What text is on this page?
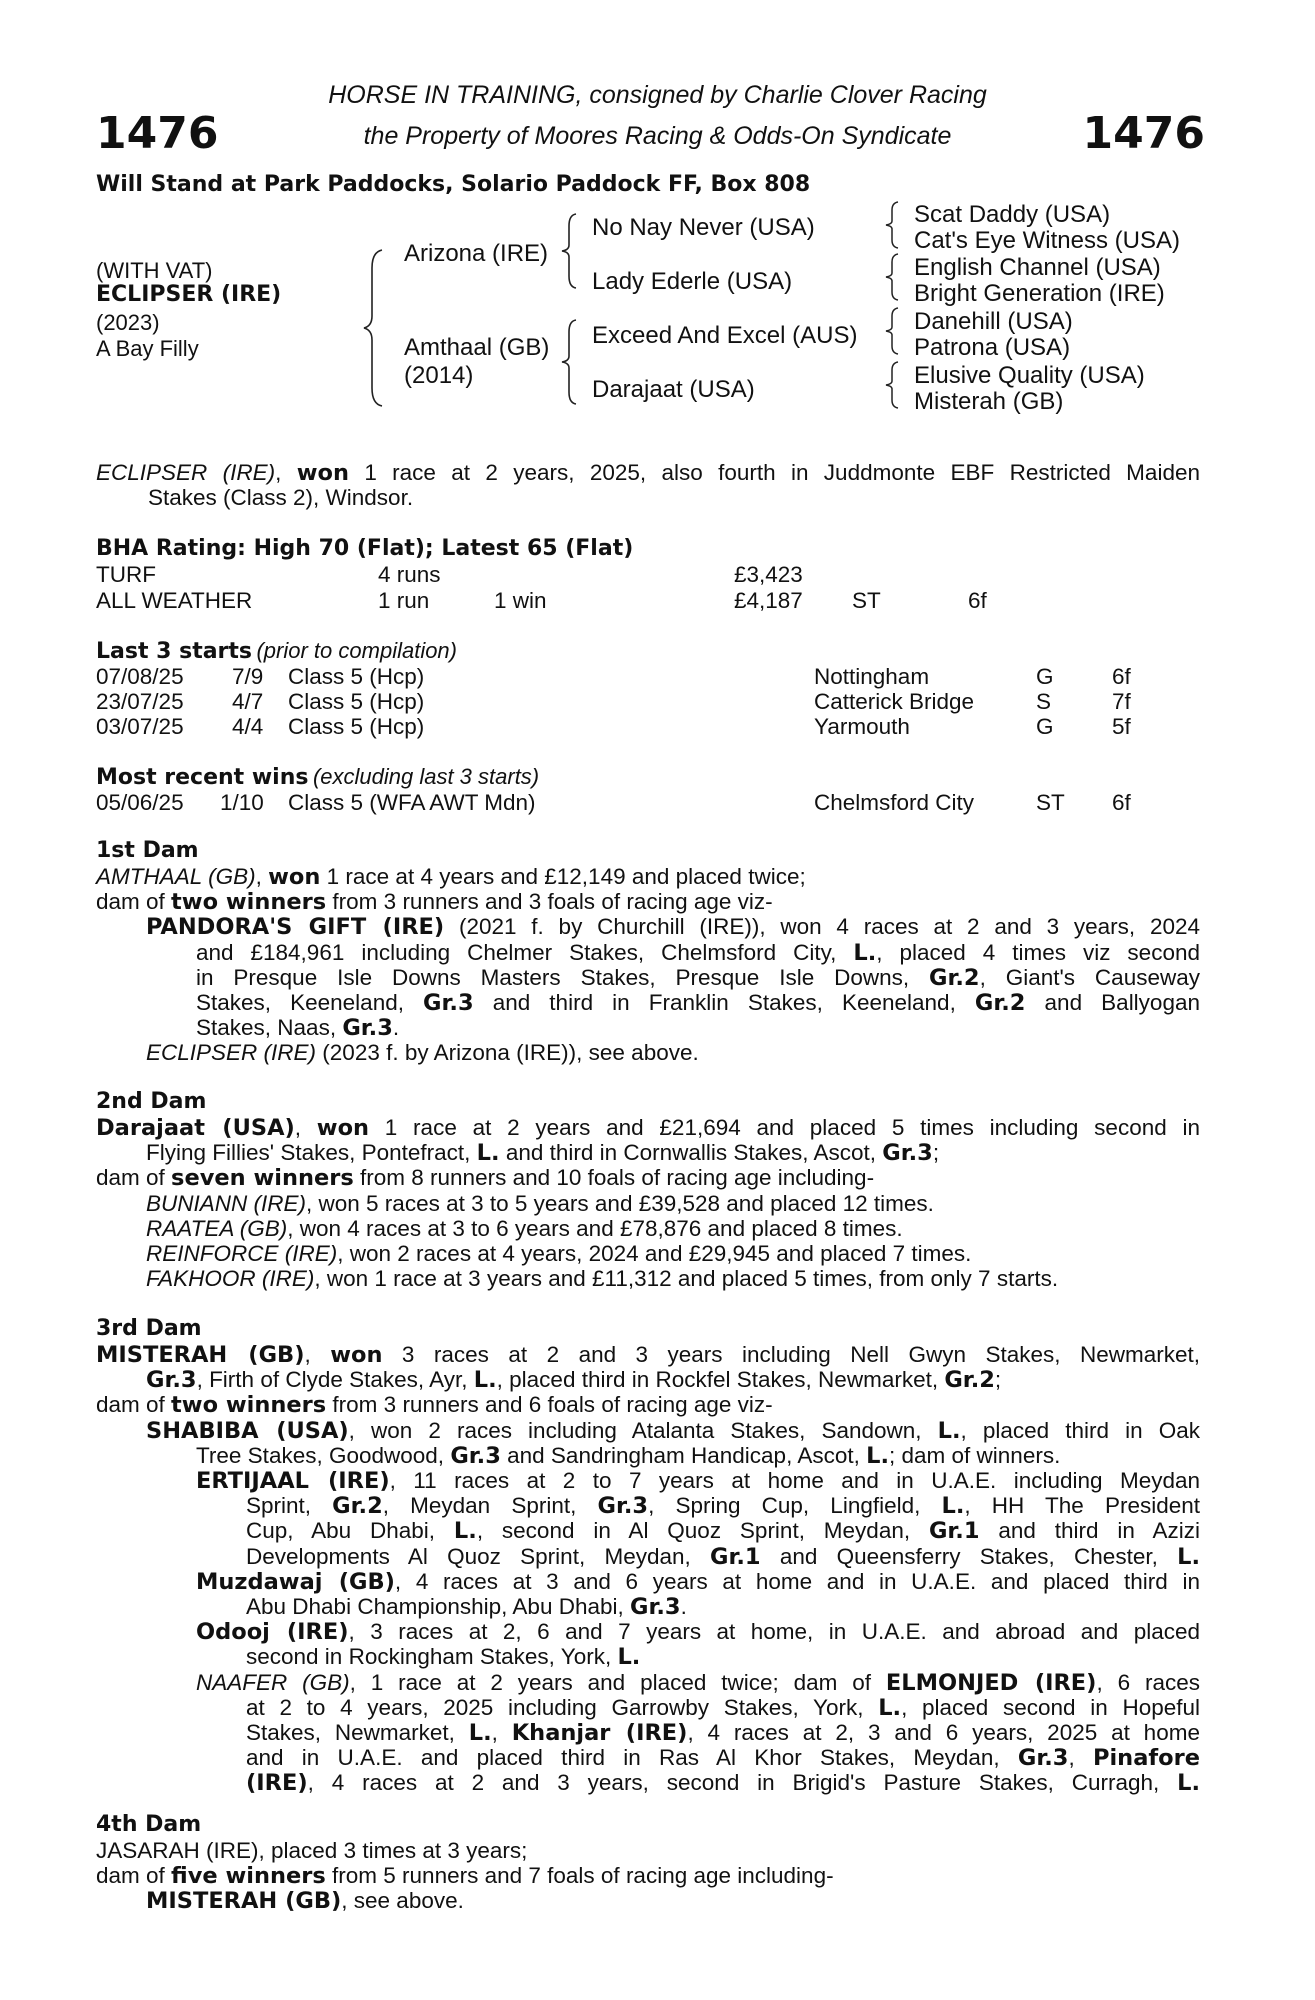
1476	1476
HORSE IN TRAINING, consigned by Charlie Clover Racing
the Property of Moores Racing & Odds-On Syndicate
Will Stand at Park Paddocks, Solario Paddock FF, Box 808
(WITH VAT)
ECLIPSER (IRE)
(2023)
A Bay Filly
Arizona (IRE)
Amthaal (GB)
(2014)
No Nay Never (USA)
Lady Ederle (USA)
Exceed And Excel (AUS)
Darajaat (USA)
Scat Daddy (USA)
Cat's Eye Witness (USA)
English Channel (USA)
Bright Generation (IRE)
Danehill (USA)
Patrona (USA)
Elusive Quality (USA)
Misterah (GB)
ECLIPSER (IRE), won 1 race at 2 years, 2025, also fourth in Juddmonte EBF Restricted Maiden
Stakes (Class 2), Windsor.
BHA Rating: High 70 (Flat); Latest 65 (Flat)
TURF	4 runs	£3,423
ALL WEATHER	1 run	1 win	£4,187 ST	6f
Last 3 starts (prior to compilation)
07/08/25 7/9 Class 5 (Hcp)	Nottingham	G	6f
23/07/25 4/7 Class 5 (Hcp)	Catterick Bridge	S	7f
03/07/25 4/4 Class 5 (Hcp)	Yarmouth	G	5f
Most recent wins (excluding last 3 starts)
05/06/25 1/10 Class 5 (WFA AWT Mdn)	Chelmsford City	ST 6f
1st Dam
AMTHAAL (GB), won 1 race at 4 years and £12,149 and placed twice;
dam of two winners from 3 runners and 3 foals of racing age viz-
PANDORA'S GIFT (IRE) (2021 f. by Churchill (IRE)), won 4 races at 2 and 3 years, 2024
and £184,961 including Chelmer Stakes, Chelmsford City, L., placed 4 times viz second
in Presque Isle Downs Masters Stakes, Presque Isle Downs, Gr.2, Giant's Causeway
Stakes, Keeneland, Gr.3 and third in Franklin Stakes, Keeneland, Gr.2 and Ballyogan
Stakes, Naas, Gr.3.
ECLIPSER (IRE) (2023 f. by Arizona (IRE)), see above.
2nd Dam
Darajaat (USA), won 1 race at 2 years and £21,694 and placed 5 times including second in
Flying Fillies' Stakes, Pontefract, L. and third in Cornwallis Stakes, Ascot, Gr.3;
dam of seven winners from 8 runners and 10 foals of racing age including-
BUNIANN (IRE), won 5 races at 3 to 5 years and £39,528 and placed 12 times.
RAATEA (GB), won 4 races at 3 to 6 years and £78,876 and placed 8 times.
REINFORCE (IRE), won 2 races at 4 years, 2024 and £29,945 and placed 7 times.
FAKHOOR (IRE), won 1 race at 3 years and £11,312 and placed 5 times, from only 7 starts.
3rd Dam
MISTERAH (GB), won 3 races at 2 and 3 years including Nell Gwyn Stakes, Newmarket,
Gr.3, Firth of Clyde Stakes, Ayr, L., placed third in Rockfel Stakes, Newmarket, Gr.2;
dam of two winners from 3 runners and 6 foals of racing age viz-
SHABIBA (USA), won 2 races including Atalanta Stakes, Sandown, L., placed third in Oak
Tree Stakes, Goodwood, Gr.3 and Sandringham Handicap, Ascot, L.; dam of winners.
ERTIJAAL (IRE), 11 races at 2 to 7 years at home and in U.A.E. including Meydan
Sprint, Gr.2, Meydan Sprint, Gr.3, Spring Cup, Lingfield, L., HH The President
Cup, Abu Dhabi, L., second in Al Quoz Sprint, Meydan, Gr.1 and third in Azizi
Developments Al Quoz Sprint, Meydan, Gr.1 and Queensferry Stakes, Chester, L.
Muzdawaj (GB), 4 races at 3 and 6 years at home and in U.A.E. and placed third in
Abu Dhabi Championship, Abu Dhabi, Gr.3.
Odooj (IRE), 3 races at 2, 6 and 7 years at home, in U.A.E. and abroad and placed
second in Rockingham Stakes, York, L.
NAAFER (GB), 1 race at 2 years and placed twice; dam of ELMONJED (IRE), 6 races
at 2 to 4 years, 2025 including Garrowby Stakes, York, L., placed second in Hopeful
Stakes, Newmarket, L., Khanjar (IRE), 4 races at 2, 3 and 6 years, 2025 at home
and in U.A.E. and placed third in Ras Al Khor Stakes, Meydan, Gr.3, Pinafore
(IRE), 4 races at 2 and 3 years, second in Brigid's Pasture Stakes, Curragh, L.
4th Dam
JASARAH (IRE), placed 3 times at 3 years;
dam of five winners from 5 runners and 7 foals of racing age including-
MISTERAH (GB), see above.
